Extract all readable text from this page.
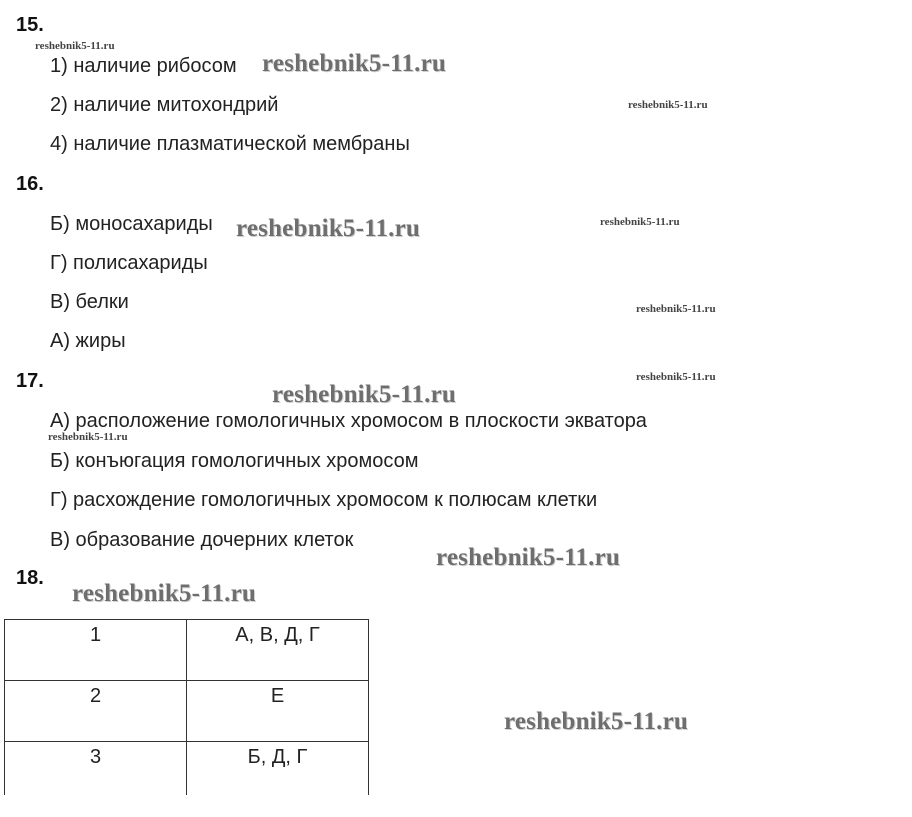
15.
1) наличие рибосом
2) наличие митохондрий
4) наличие плазматической мембраны
16.
Б) моносахариды
Г) полисахариды
В) белки
А) жиры
17.
А) расположение гомологичных хромосом в плоскости экватора
Б) конъюгация гомологичных хромосом
Г) расхождение гомологичных хромосом к полюсам клетки
В) образование дочерних клеток
18.
1	А, В, Д, Г
2	Е
3	Б, Д, Г
reshebnik5-11.ru
reshebnik5-11.ru
reshebnik5-11.ru
reshebnik5-11.ru	reshebnik5-11.ru
reshebnik5-11.ru
reshebnik5-11.ru
reshebnik5-11.ru
reshebnik5-11.ru
reshebnik5-11.ru
reshebnik5-11.ru
reshebnik5-11.ru
